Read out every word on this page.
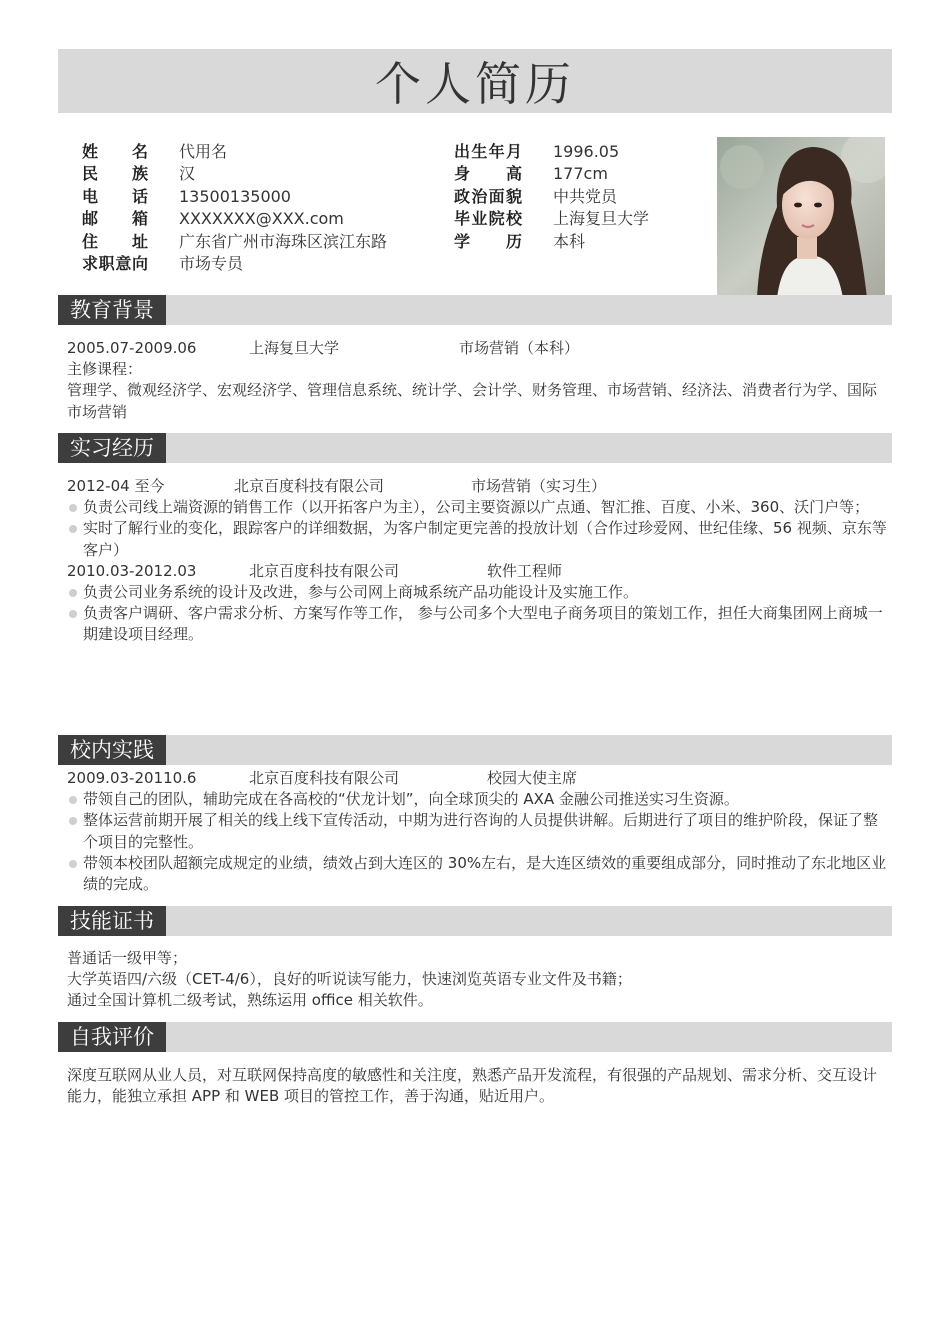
个人简历
姓名 代用名
民族 汉
电话 13500135000
邮箱 XXXXXXX@XXX.com
住址 广东省广州市海珠区滨江东路
求职意向 市场专员
出生年月 1996.05
身高 177cm
政治面貌 中共党员
毕业院校 上海复旦大学
学历 本科
教育背景
2005.07-2009.06	上海复旦大学	市场营销（本科）

主修课程：

管理学、微观经济学、宏观经济学、管理信息系统、统计学、会计学、财务管理、市场营销、经济法、消费者行为学、国际市场营销

实习经历
2012-04 至今	北京百度科技有限公司	市场营销（实习生）

负责公司线上端资源的销售工作（以开拓客户为主），公司主要资源以广点通、智汇推、百度、小米、360、沃门户等；

实时了解行业的变化，跟踪客户的详细数据，为客户制定更完善的投放计划（合作过珍爱网、世纪佳缘、56 视频、京东等客户）

2010.03-2012.03	北京百度科技有限公司	软件工程师

负责公司业务系统的设计及改进，参与公司网上商城系统产品功能设计及实施工作。

负责客户调研、客户需求分析、方案写作等工作， 参与公司多个大型电子商务项目的策划工作，担任大商集团网上商城一期建设项目经理。

校内实践
2009.03-20110.6	北京百度科技有限公司	校园大使主席

带领自己的团队，辅助完成在各高校的“伏龙计划”，向全球顶尖的 AXA 金融公司推送实习生资源。

整体运营前期开展了相关的线上线下宣传活动，中期为进行咨询的人员提供讲解。后期进行了项目的维护阶段，保证了整个项目的完整性。

带领本校团队超额完成规定的业绩，绩效占到大连区的 30%左右，是大连区绩效的重要组成部分，同时推动了东北地区业绩的完成。

技能证书

普通话一级甲等；

大学英语四/六级（CET-4/6），良好的听说读写能力，快速浏览英语专业文件及书籍；

通过全国计算机二级考试，熟练运用 office 相关软件。

自我评价

深度互联网从业人员，对互联网保持高度的敏感性和关注度，熟悉产品开发流程，有很强的产品规划、需求分析、交互设计能力，能独立承担 APP 和 WEB 项目的管控工作，善于沟通，贴近用户。
